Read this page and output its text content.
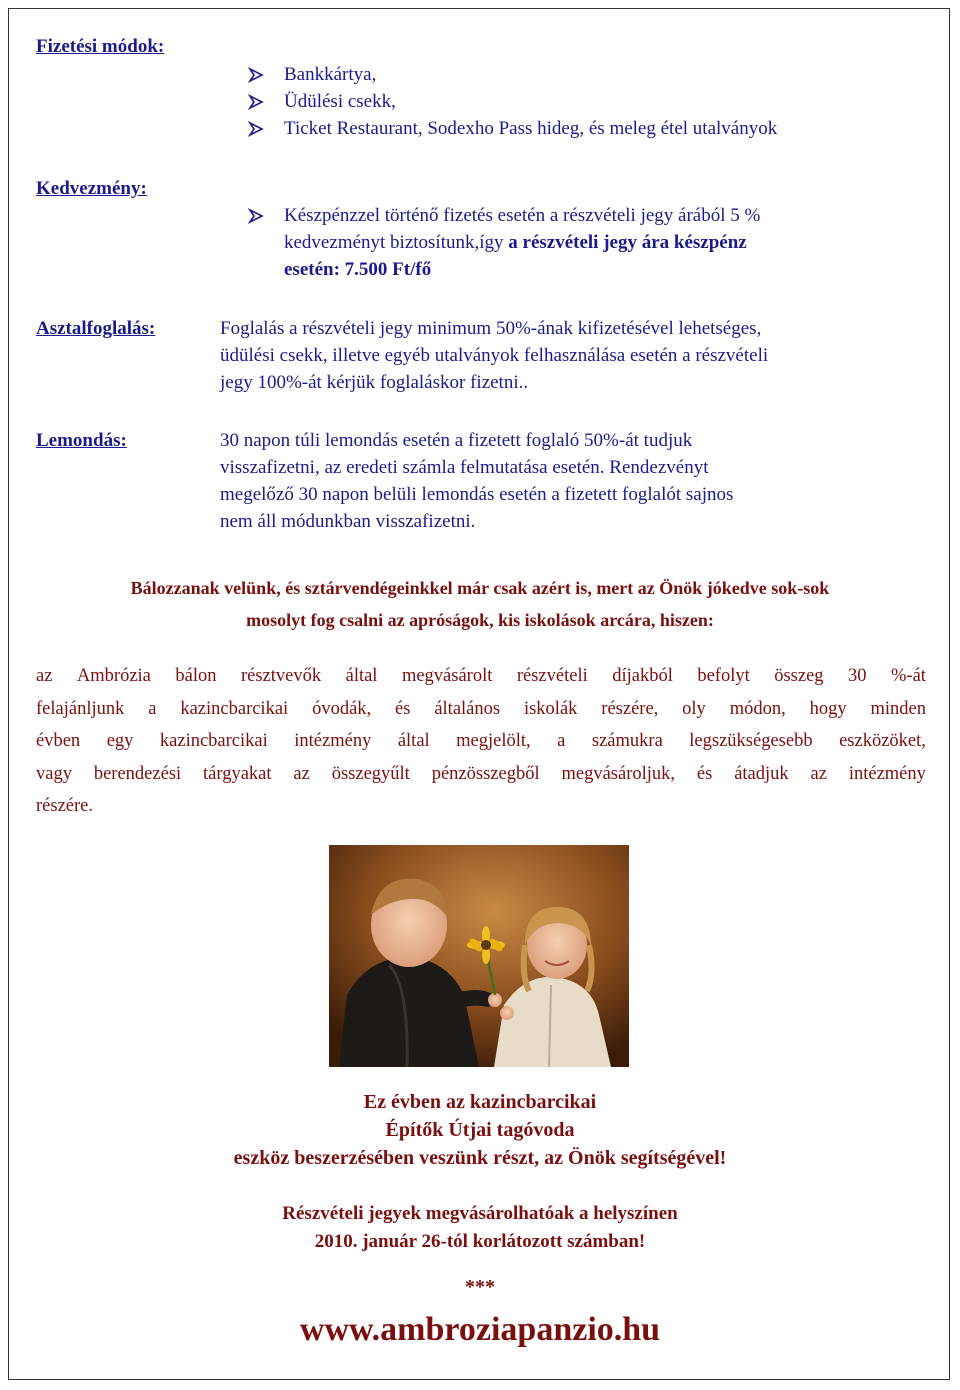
Fizetési módok:
Bankkártya,
Üdülési csekk,
Ticket Restaurant, Sodexho Pass hideg, és meleg étel utalványok
Kedvezmény:
Készpénzzel történő fizetés esetén a részvételi jegy árából 5 %
kedvezményt biztosítunk,így a részvételi jegy ára készpénz
esetén: 7.500 Ft/fő
Asztalfoglalás:	Foglalás a részvételi jegy minimum 50%-ának kifizetésével lehetséges,
üdülési csekk, illetve egyéb utalványok felhasználása esetén a részvételi
jegy 100%-át kérjük foglaláskor fizetni..
Lemondás:	30 napon túli lemondás esetén a fizetett foglaló 50%-át tudjuk
visszafizetni, az eredeti számla felmutatása esetén. Rendezvényt
megelőző 30 napon belüli lemondás esetén a fizetett foglalót sajnos
nem áll módunkban visszafizetni.
Bálozzanak velünk, és sztárvendégeinkkel már csak azért is, mert az Önök jókedve sok-sok
mosolyt fog csalni az apróságok, kis iskolások arcára, hiszen:
az Ambrózia bálon résztvevők által megvásárolt részvételi díjakból befolyt összeg 30 %-át
felajánljunk a kazincbarcikai óvodák, és általános iskolák részére, oly módon, hogy minden
évben egy kazincbarcikai intézmény által megjelölt, a számukra legszükségesebb eszközöket,
vagy berendezési tárgyakat az összegyűlt pénzösszegből megvásároljuk, és átadjuk az intézmény
részére.
Ez évben az kazincbarcikai
Építők Útjai tagóvoda
eszköz beszerzésében veszünk részt, az Önök segítségével!
Részvételi jegyek megvásárolhatóak a helyszínen
2010. január 26-tól korlátozott számban!
***
www.ambroziapanzio.hu
